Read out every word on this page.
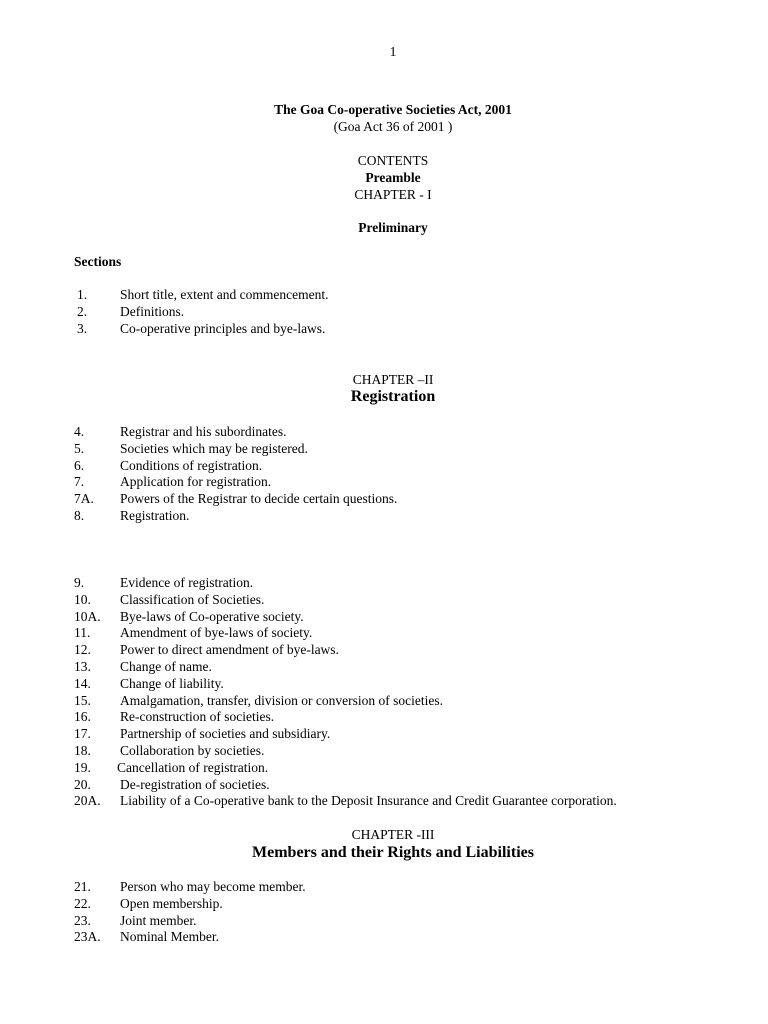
1
The Goa Co-operative Societies Act, 2001
(Goa Act 36 of 2001 )
CONTENTS
Preamble
CHAPTER - I
Preliminary
Sections
1. Short title, extent and commencement.
2. Definitions.
3. Co-operative principles and bye-laws.
CHAPTER –II
Registration
4.	Registrar and his subordinates.
5.	Societies which may be registered.
6.	Conditions of registration.
7.	Application for registration.
7A. Powers of the Registrar to decide certain questions.
8.	Registration.
9.	Evidence of registration.
10. Classification of Societies.
10A. Bye-laws of Co-operative society.
11. Amendment of bye-laws of society.
12. Power to direct amendment of bye-laws.
13. Change of name.
14. Change of liability.
15. Amalgamation, transfer, division or conversion of societies.
16. Re-construction of societies.
17. Partnership of societies and subsidiary.
18. Collaboration by societies.
19. Cancellation of registration.
20. De-registration of societies.
20A. Liability of a Co-operative bank to the Deposit Insurance and Credit Guarantee corporation.
CHAPTER -III
Members and their Rights and Liabilities
21. Person who may become member.
22. Open membership.
23. Joint member.
23A. Nominal Member.
